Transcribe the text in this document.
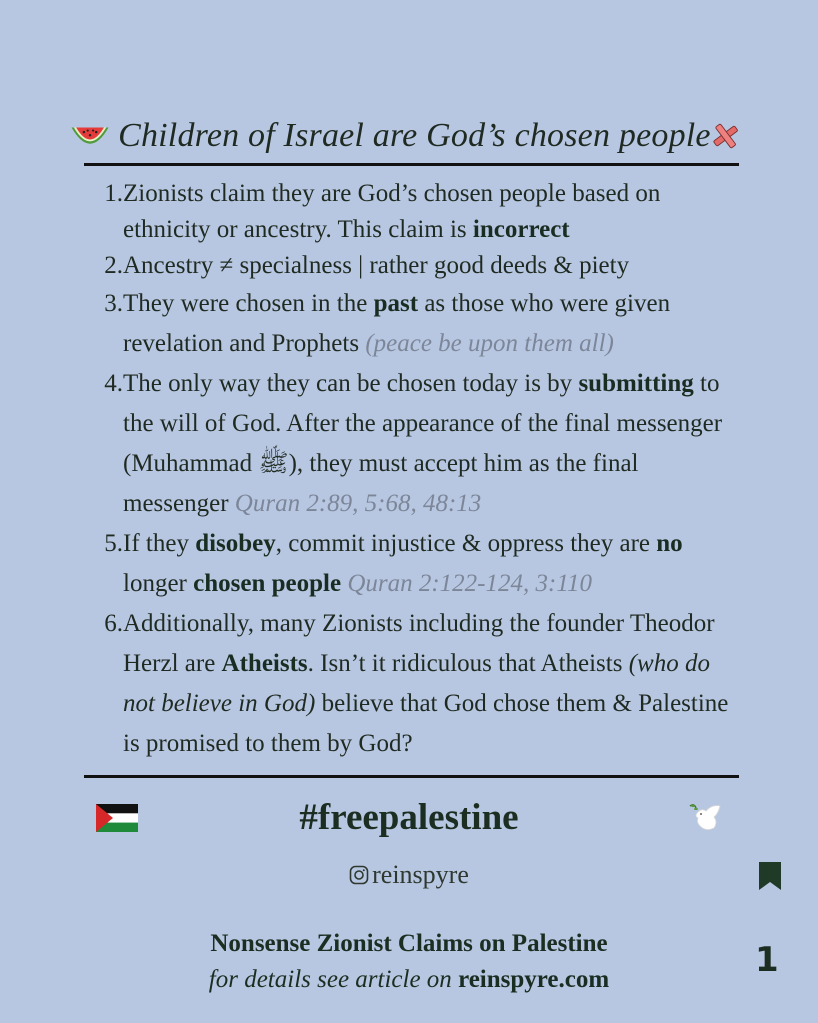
Children of Israel are God’s chosen people
1. Zionists claim they are God’s chosen people based on ethnicity or ancestry. This claim is incorrect
2. Ancestry ≠ specialness | rather good deeds & piety
3. They were chosen in the past as those who were given revelation and Prophets (peace be upon them all)
4. The only way they can be chosen today is by submitting to the will of God. After the appearance of the final messenger (Muhammad ﷺ), they must accept him as the final messenger Quran 2:89, 5:68, 48:13
5. If they disobey, commit injustice & oppress they are no longer chosen people Quran 2:122-124, 3:110
6. Additionally, many Zionists including the founder Theodor Herzl are Atheists. Isn’t it ridiculous that Atheists (who do not believe in God) believe that God chose them & Palestine is promised to them by God?
#freepalestine
reinspyre
1
Nonsense Zionist Claims on Palestine
for details see article on reinspyre.com
